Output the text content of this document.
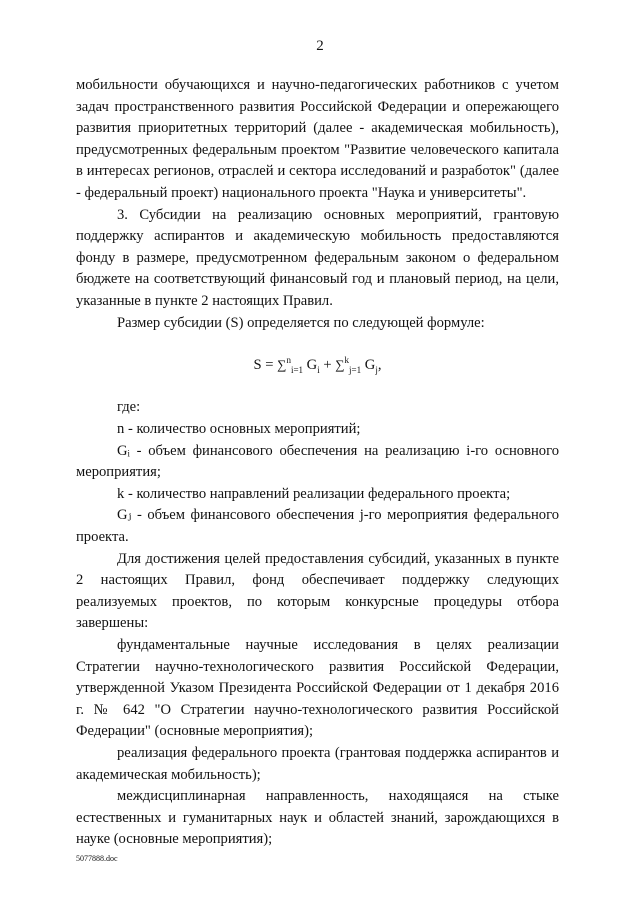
2

мобильности обучающихся и научно-педагогических работников с учетом задач пространственного развития Российской Федерации и опережающего развития приоритетных территорий (далее - академическая мобильность), предусмотренных федеральным проектом "Развитие человеческого капитала в интересах регионов, отраслей и сектора исследований и разработок" (далее - федеральный проект) национального проекта "Наука и университеты".

3. Субсидии на реализацию основных мероприятий, грантовую поддержку аспирантов и академическую мобильность предоставляются фонду в размере, предусмотренном федеральным законом о федеральном бюджете на соответствующий финансовый год и плановый период, на цели, указанные в пункте 2 настоящих Правил.

Размер субсидии (S) определяется по следующей формуле:

S = ∑$^n_{i=1}$ $G_i + \sum^k_{j=1}$ $G_j$,

где:

n - количество основных мероприятий;

Gᵢ - объем финансового обеспечения на реализацию i-го основного мероприятия;

k - количество направлений реализации федерального проекта;

Gⱼ - объем финансового обеспечения j-го мероприятия федерального проекта.

Для достижения целей предоставления субсидий, указанных в пункте 2 настоящих Правил, фонд обеспечивает поддержку следующих реализуемых проектов, по которым конкурсные процедуры отбора завершены:

фундаментальные научные исследования в целях реализации Стратегии научно-технологического развития Российской Федерации, утвержденной Указом Президента Российской Федерации от 1 декабря 2016 г. № 642 "О Стратегии научно-технологического развития Российской Федерации" (основные мероприятия);

реализация федерального проекта (грантовая поддержка аспирантов и академическая мобильность);

междисциплинарная направленность, находящаяся на стыке естественных и гуманитарных наук и областей знаний, зарождающихся в науке (основные мероприятия);

5077888.doc
